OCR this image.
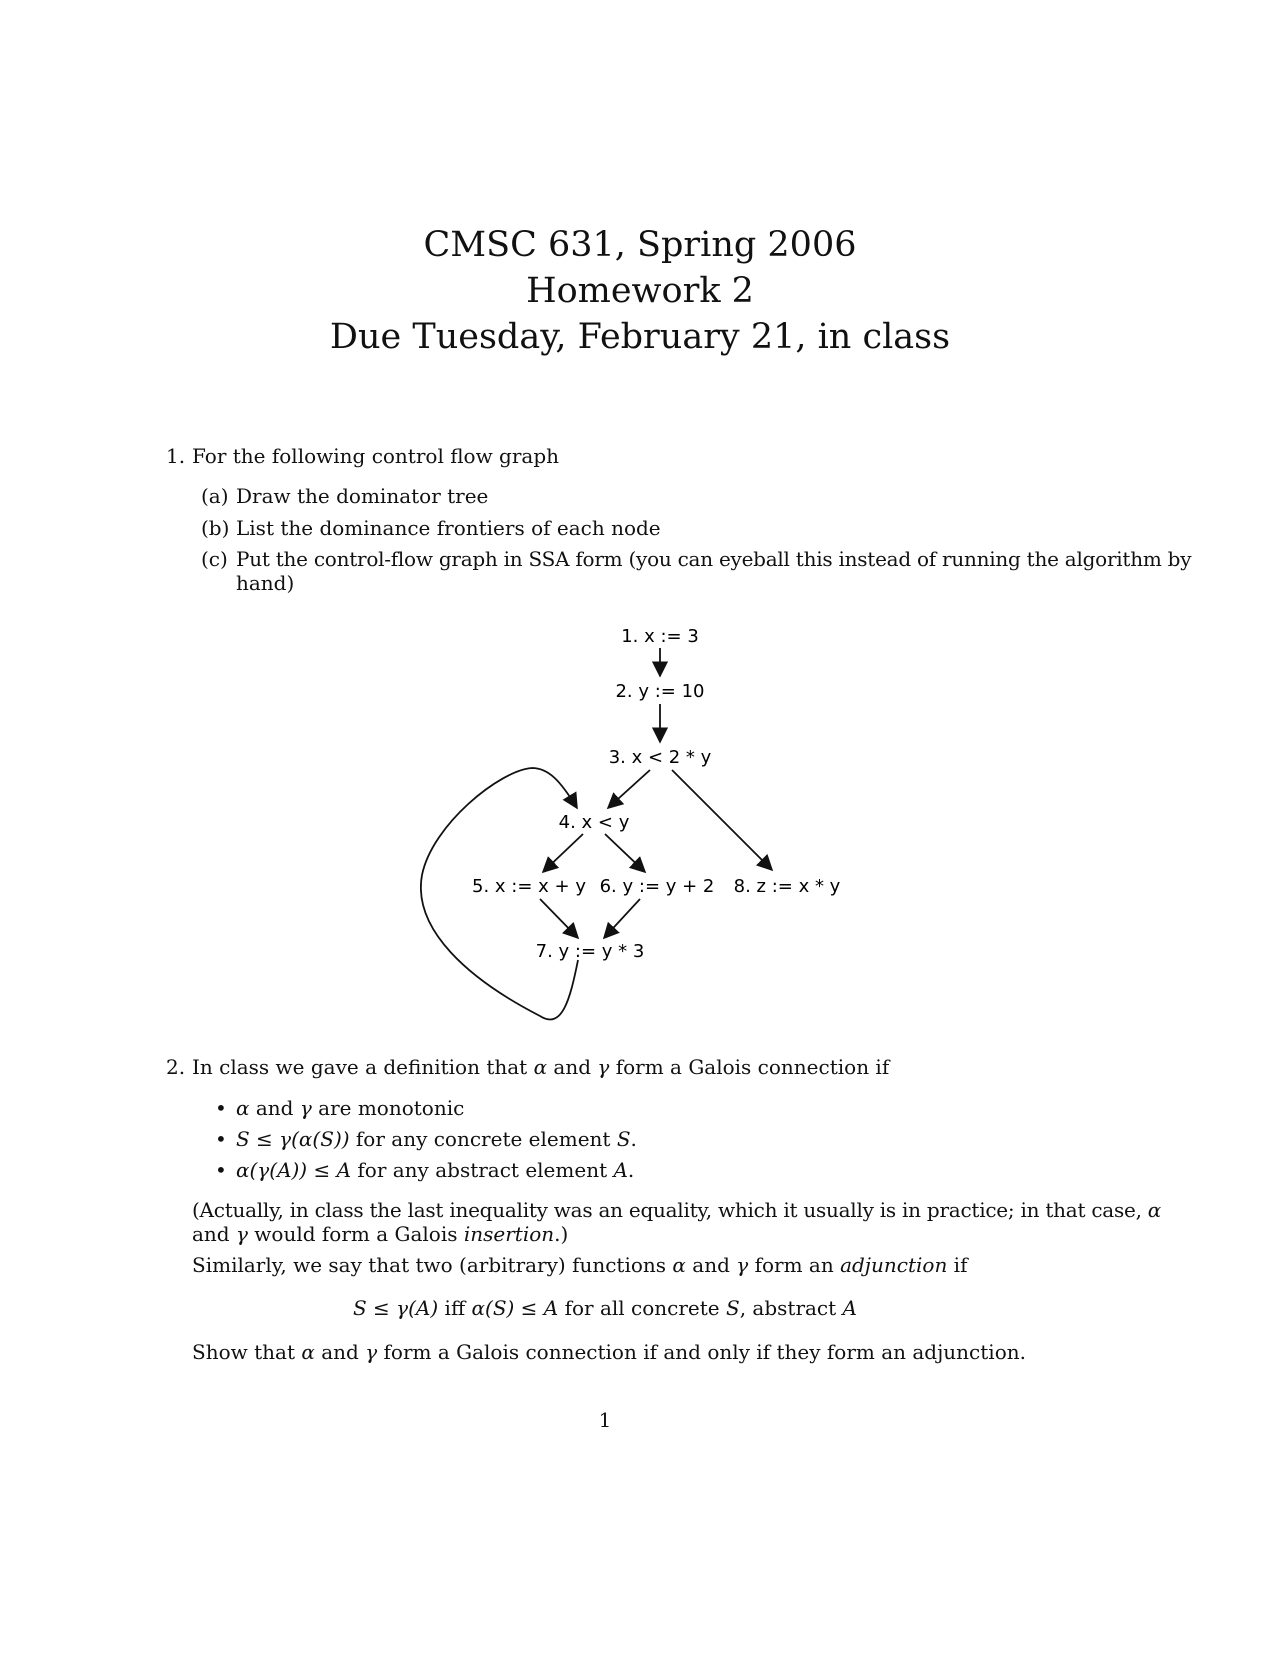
CMSC 631, Spring 2006
Homework 2
Due Tuesday, February 21, in class
1. For the following control flow graph
(a) Draw the dominator tree
(b) List the dominance frontiers of each node
(c) Put the control-flow graph in SSA form (you can eyeball this instead of running the algorithm by
hand)
1. x := 3
2. y := 10
3. x < 2 * y
4. x < y
5. x := x + y 6. y := y + 2
7. y := y * 3
8. z := x * y
2. In class we gave a definition that α and γ form a Galois connection if
• α and γ are monotonic
• S ≤ γ(α(S)) for any concrete element S.
• α(γ(A)) ≤ A for any abstract element A.
(Actually, in class the last inequality was an equality, which it usually is in practice; in that case, α
and γ would form a Galois insertion.)
Similarly, we say that two (arbitrary) functions α and γ form an adjunction if
S ≤ γ(A) iff α(S) ≤ A for all concrete S, abstract A
Show that α and γ form a Galois connection if and only if they form an adjunction.
1
